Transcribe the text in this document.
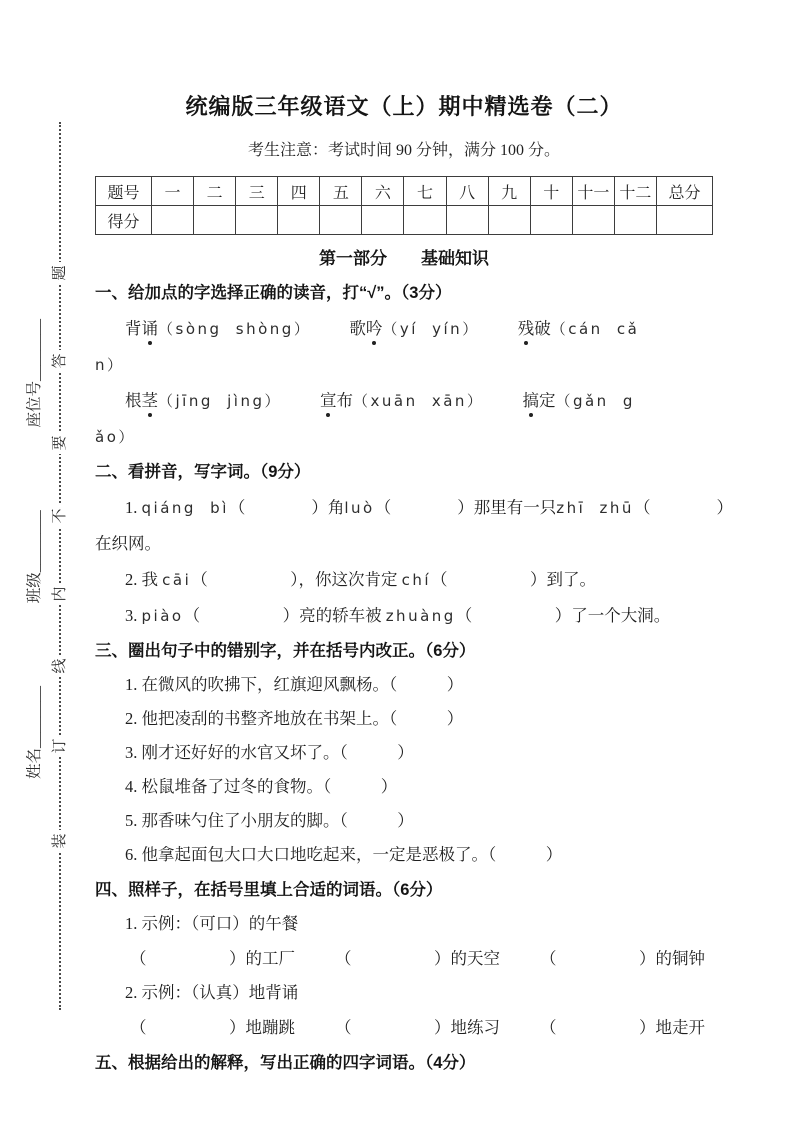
姓名________
班级________
座位号________
题
答
要
不
内
线
订
装
统编版三年级语文（上）期中精选卷（二）
考生注意：考试时间 90 分钟，满分 100 分。
题号	一	二	三	四	五	六	七	八	九	十	十一	十二	总分
得分													
第一部分　　基础知识
一、给加点的字选择正确的读音，打“√”。（3分）
背诵（sòng shòng） 歌吟（yí yín） 残破（cán cǎ
n）
根茎（jīng jìng） 宣布（xuān xān） 搞定（gǎn g
ǎo）
二、看拼音，写字词。（9分）
1. qiáng bì（　　　　）角luò（　　　　）那里有一只zhī zhū（　　　　）
在织网。
2. 我 cāi（　　　　　），你这次肯定 chí（　　　　　）到了。
3. piào（　　　　　）亮的轿车被 zhuàng（　　　　　）了一个大洞。
三、圈出句子中的错别字，并在括号内改正。（6分）
1. 在微风的吹拂下，红旗迎风飘杨。（　　　）
2. 他把凌刮的书整齐地放在书架上。（　　　）
3. 刚才还好好的水官又坏了。（　　　）
4. 松鼠堆备了过冬的食物。（　　　）
5. 那香味勺住了小朋友的脚。（　　　）
6. 他拿起面包大口大口地吃起来，一定是恶极了。（　　　）
四、照样子，在括号里填上合适的词语。（6分）
1. 示例：（可口）的午餐
（　　　　　）的工厂 （　　　　　）的天空 （　　　　　）的铜钟
2. 示例：（认真）地背诵
（　　　　　）地蹦跳 （　　　　　）地练习 （　　　　　）地走开
五、根据给出的解释，写出正确的四字词语。（4分）
